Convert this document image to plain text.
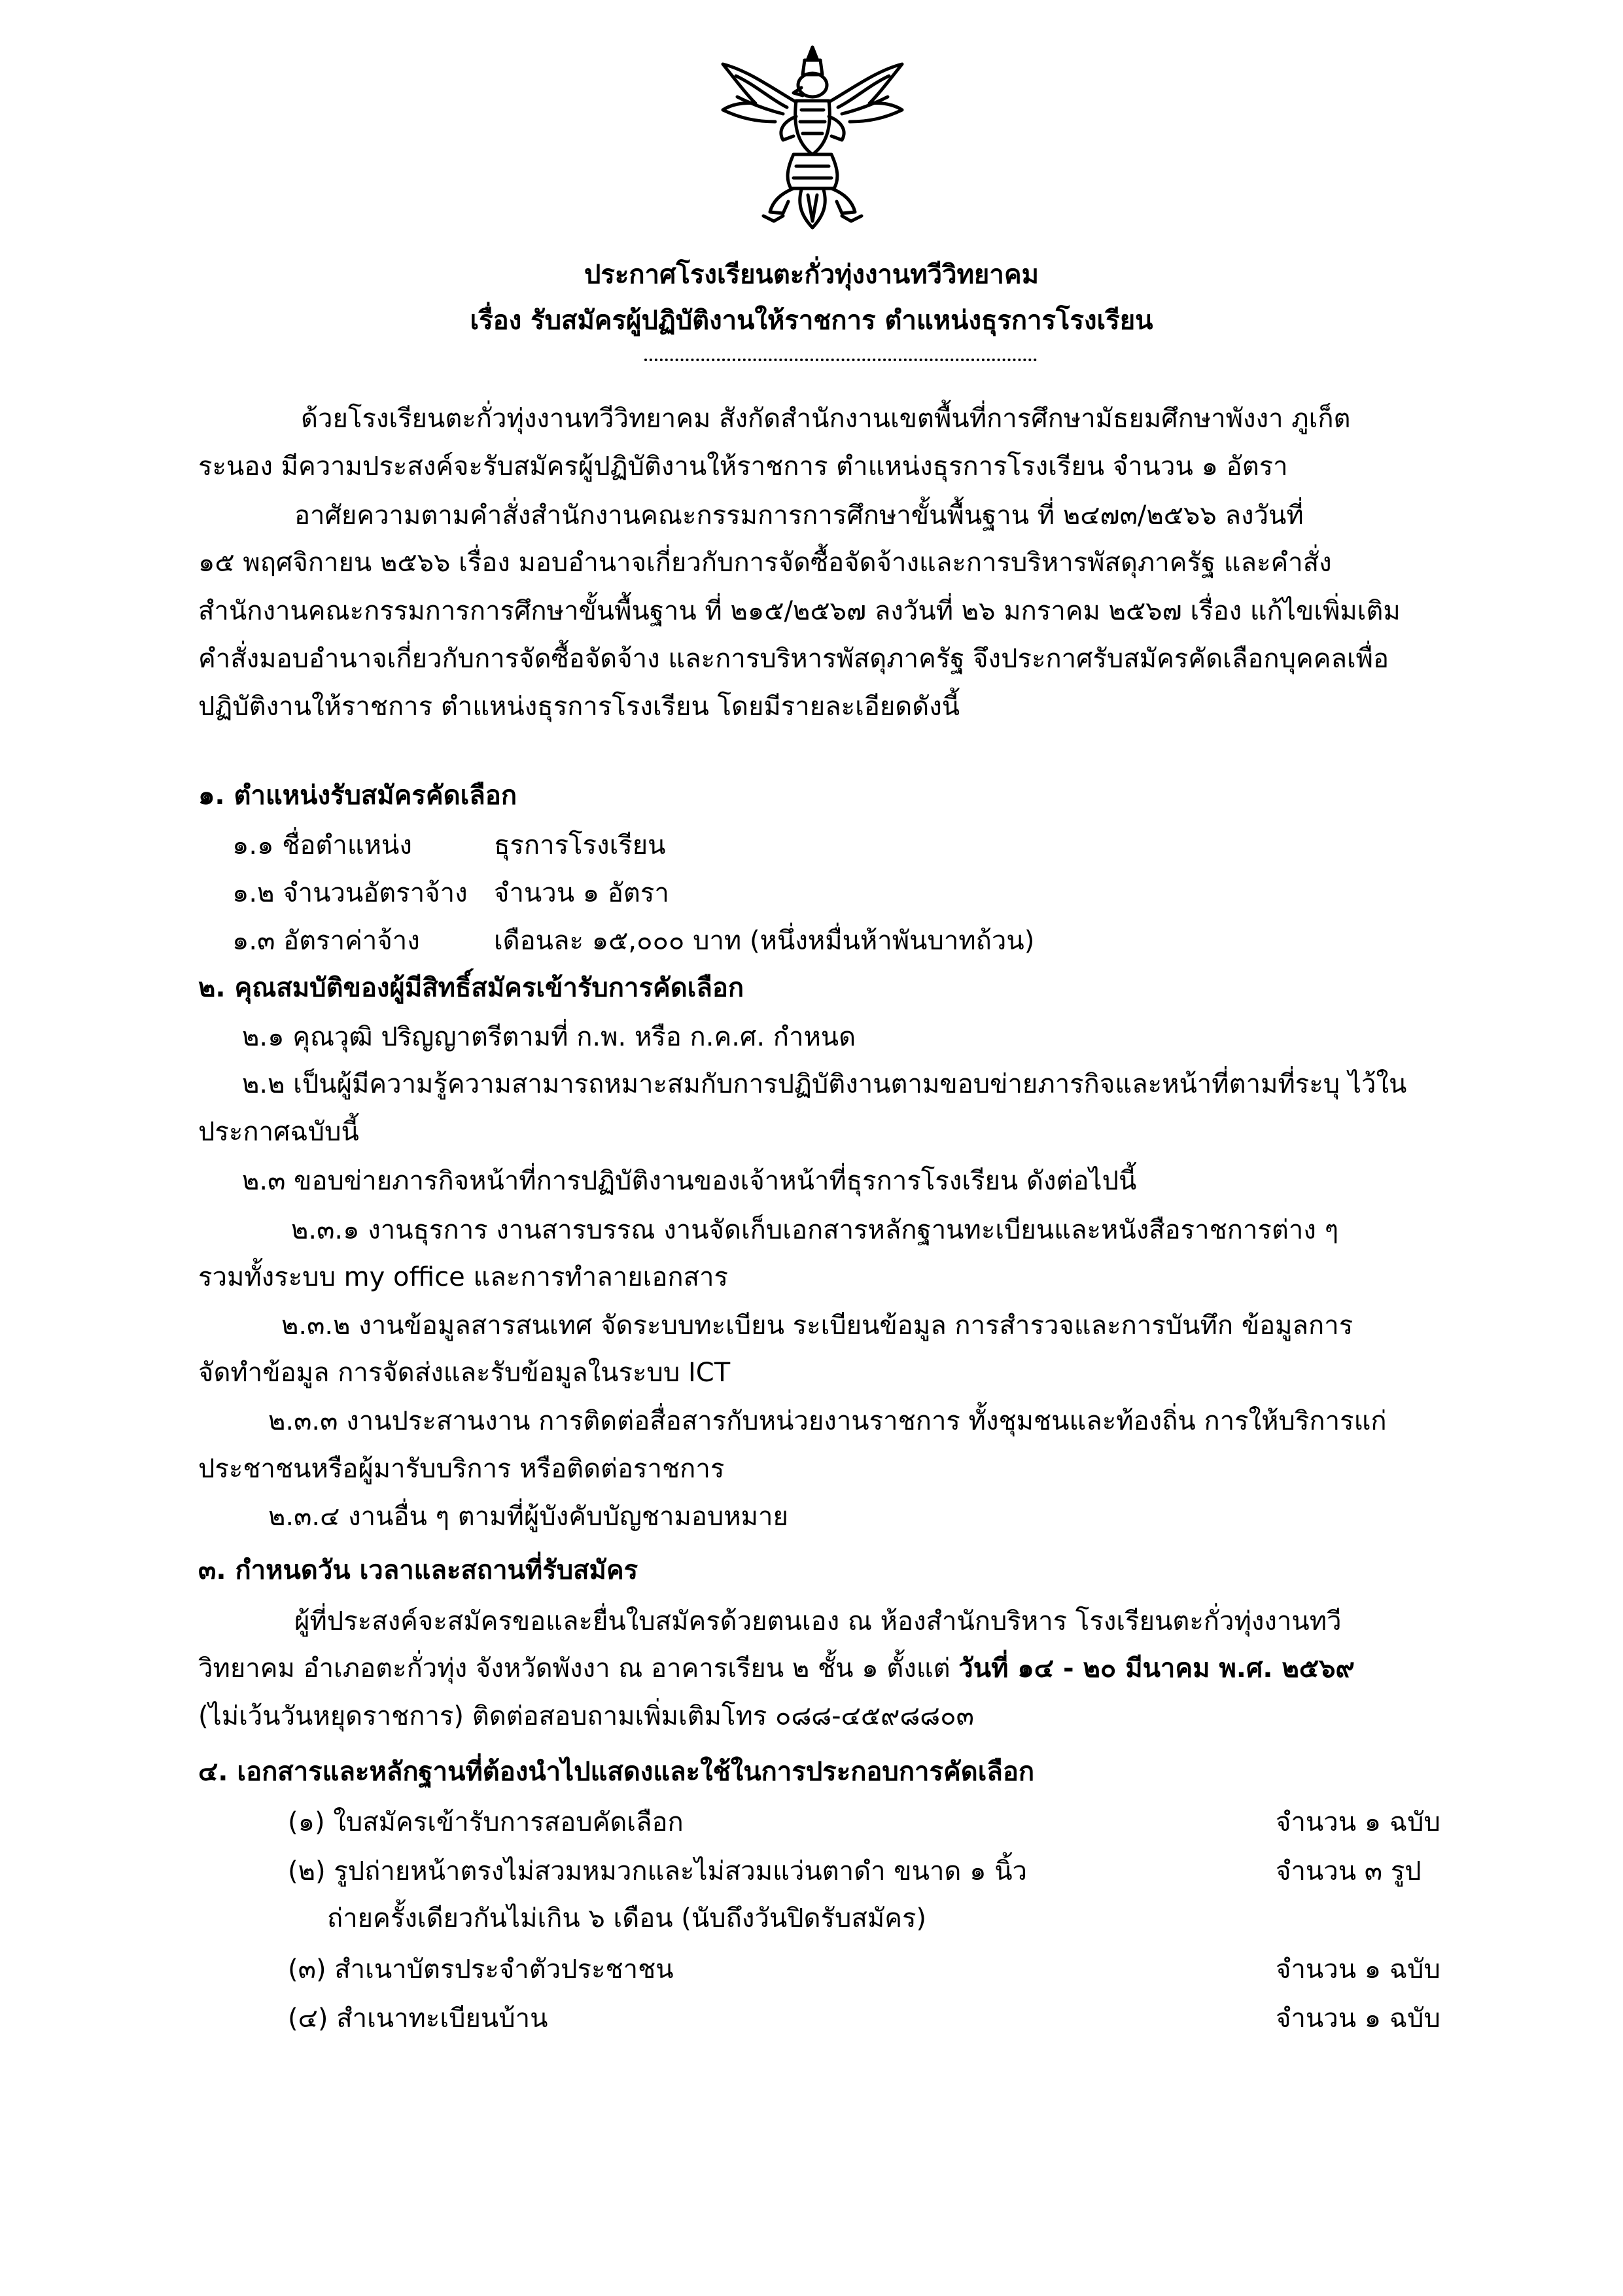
ประกาศโรงเรียนตะกั่วทุ่งงานทวีวิทยาคม
เรื่อง รับสมัครผู้ปฏิบัติงานให้ราชการ ตำแหน่งธุรการโรงเรียน
ด้วยโรงเรียนตะกั่วทุ่งงานทวีวิทยาคม สังกัดสำนักงานเขตพื้นที่การศึกษามัธยมศึกษาพังงา ภูเก็ต
ระนอง มีความประสงค์จะรับสมัครผู้ปฏิบัติงานให้ราชการ ตำแหน่งธุรการโรงเรียน จำนวน ๑ อัตรา
อาศัยความตามคำสั่งสำนักงานคณะกรรมการการศึกษาขั้นพื้นฐาน ที่ ๒๔๗๓/๒๕๖๖ ลงวันที่
๑๕ พฤศจิกายน ๒๕๖๖ เรื่อง มอบอำนาจเกี่ยวกับการจัดซื้อจัดจ้างและการบริหารพัสดุภาครัฐ และคำสั่ง
สำนักงานคณะกรรมการการศึกษาขั้นพื้นฐาน ที่ ๒๑๕/๒๕๖๗ ลงวันที่ ๒๖ มกราคม ๒๕๖๗ เรื่อง แก้ไขเพิ่มเติม
คำสั่งมอบอำนาจเกี่ยวกับการจัดซื้อจัดจ้าง และการบริหารพัสดุภาครัฐ จึงประกาศรับสมัครคัดเลือกบุคคลเพื่อ
ปฏิบัติงานให้ราชการ ตำแหน่งธุรการโรงเรียน โดยมีรายละเอียดดังนี้
๑. ตำแหน่งรับสมัครคัดเลือก
๑.๑ ชื่อตำแหน่ง	ธุรการโรงเรียน
๑.๒ จำนวนอัตราจ้าง จำนวน ๑ อัตรา
๑.๓ อัตราค่าจ้าง	เดือนละ ๑๕,๐๐๐ บาท (หนึ่งหมื่นห้าพันบาทถ้วน)
๒. คุณสมบัติของผู้มีสิทธิ์สมัครเข้ารับการคัดเลือก
๒.๑ คุณวุฒิ ปริญญาตรีตามที่ ก.พ. หรือ ก.ค.ศ. กำหนด
๒.๒ เป็นผู้มีความรู้ความสามารถหมาะสมกับการปฏิบัติงานตามขอบข่ายภารกิจและหน้าที่ตามที่ระบุ ไว้ใน
ประกาศฉบับนี้
๒.๓ ขอบข่ายภารกิจหน้าที่การปฏิบัติงานของเจ้าหน้าที่ธุรการโรงเรียน ดังต่อไปนี้
๒.๓.๑ งานธุรการ งานสารบรรณ งานจัดเก็บเอกสารหลักฐานทะเบียนและหนังสือราชการต่าง ๆ
รวมทั้งระบบ my office และการทำลายเอกสาร
๒.๓.๒ งานข้อมูลสารสนเทศ จัดระบบทะเบียน ระเบียนข้อมูล การสำรวจและการบันทึก ข้อมูลการ
จัดทำข้อมูล การจัดส่งและรับข้อมูลในระบบ ICT
๒.๓.๓ งานประสานงาน การติดต่อสื่อสารกับหน่วยงานราชการ ทั้งชุมชนและท้องถิ่น การให้บริการแก่
ประชาชนหรือผู้มารับบริการ หรือติดต่อราชการ
๒.๓.๔ งานอื่น ๆ ตามที่ผู้บังคับบัญชามอบหมาย
๓. กำหนดวัน เวลาและสถานที่รับสมัคร
ผู้ที่ประสงค์จะสมัครขอและยื่นใบสมัครด้วยตนเอง ณ ห้องสำนักบริหาร โรงเรียนตะกั่วทุ่งงานทวี
วิทยาคม อำเภอตะกั่วทุ่ง จังหวัดพังงา ณ อาคารเรียน ๒ ชั้น ๑ ตั้งแต่ วันที่ ๑๔ - ๒๐ มีนาคม พ.ศ. ๒๕๖๙
(ไม่เว้นวันหยุดราชการ) ติดต่อสอบถามเพิ่มเติมโทร ๐๘๘-๔๕๙๘๘๐๓
๔. เอกสารและหลักฐานที่ต้องนำไปแสดงและใช้ในการประกอบการคัดเลือก
(๑) ใบสมัครเข้ารับการสอบคัดเลือก	จำนวน ๑ ฉบับ
(๒) รูปถ่ายหน้าตรงไม่สวมหมวกและไม่สวมแว่นตาดำ ขนาด ๑ นิ้ว	จำนวน ๓ รูป
ถ่ายครั้งเดียวกันไม่เกิน ๖ เดือน (นับถึงวันปิดรับสมัคร)
(๓) สำเนาบัตรประจำตัวประชาชน	จำนวน ๑ ฉบับ
(๔) สำเนาทะเบียนบ้าน	จำนวน ๑ ฉบับ
